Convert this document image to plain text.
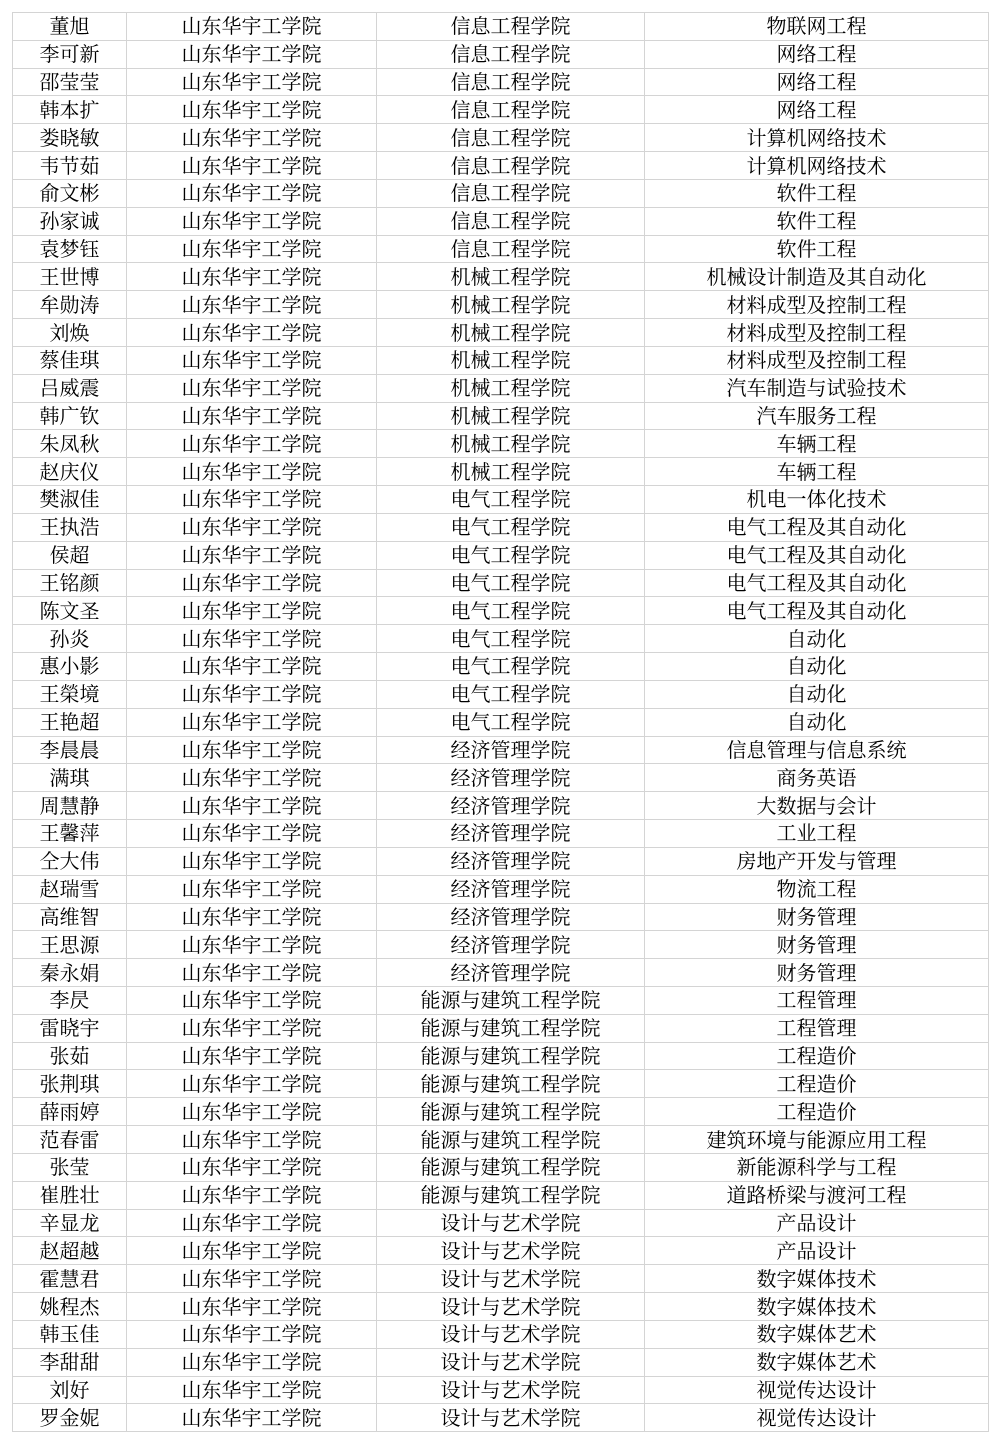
董旭	山东华宇工学院	信息工程学院	物联网工程
李可新	山东华宇工学院	信息工程学院	网络工程
邵莹莹	山东华宇工学院	信息工程学院	网络工程
韩本扩	山东华宇工学院	信息工程学院	网络工程
娄晓敏	山东华宇工学院	信息工程学院	计算机网络技术
韦节茹	山东华宇工学院	信息工程学院	计算机网络技术
俞文彬	山东华宇工学院	信息工程学院	软件工程
孙家诚	山东华宇工学院	信息工程学院	软件工程
袁梦钰	山东华宇工学院	信息工程学院	软件工程
王世博	山东华宇工学院	机械工程学院	机械设计制造及其自动化
牟勋涛	山东华宇工学院	机械工程学院	材料成型及控制工程
刘焕	山东华宇工学院	机械工程学院	材料成型及控制工程
蔡佳琪	山东华宇工学院	机械工程学院	材料成型及控制工程
吕威震	山东华宇工学院	机械工程学院	汽车制造与试验技术
韩广钦	山东华宇工学院	机械工程学院	汽车服务工程
朱凤秋	山东华宇工学院	机械工程学院	车辆工程
赵庆仪	山东华宇工学院	机械工程学院	车辆工程
樊淑佳	山东华宇工学院	电气工程学院	机电一体化技术
王执浩	山东华宇工学院	电气工程学院	电气工程及其自动化
侯超	山东华宇工学院	电气工程学院	电气工程及其自动化
王铭颜	山东华宇工学院	电气工程学院	电气工程及其自动化
陈文圣	山东华宇工学院	电气工程学院	电气工程及其自动化
孙炎	山东华宇工学院	电气工程学院	自动化
惠小影	山东华宇工学院	电气工程学院	自动化
王榮境	山东华宇工学院	电气工程学院	自动化
王艳超	山东华宇工学院	电气工程学院	自动化
李晨晨	山东华宇工学院	经济管理学院	信息管理与信息系统
满琪	山东华宇工学院	经济管理学院	商务英语
周慧静	山东华宇工学院	经济管理学院	大数据与会计
王馨萍	山东华宇工学院	经济管理学院	工业工程
仝大伟	山东华宇工学院	经济管理学院	房地产开发与管理
赵瑞雪	山东华宇工学院	经济管理学院	物流工程
高维智	山东华宇工学院	经济管理学院	财务管理
王思源	山东华宇工学院	经济管理学院	财务管理
秦永娟	山东华宇工学院	经济管理学院	财务管理
李昃	山东华宇工学院	能源与建筑工程学院	工程管理
雷晓宇	山东华宇工学院	能源与建筑工程学院	工程管理
张茹	山东华宇工学院	能源与建筑工程学院	工程造价
张荆琪	山东华宇工学院	能源与建筑工程学院	工程造价
薛雨婷	山东华宇工学院	能源与建筑工程学院	工程造价
范春雷	山东华宇工学院	能源与建筑工程学院	建筑环境与能源应用工程
张莹	山东华宇工学院	能源与建筑工程学院	新能源科学与工程
崔胜壮	山东华宇工学院	能源与建筑工程学院	道路桥梁与渡河工程
辛显龙	山东华宇工学院	设计与艺术学院	产品设计
赵超越	山东华宇工学院	设计与艺术学院	产品设计
霍慧君	山东华宇工学院	设计与艺术学院	数字媒体技术
姚程杰	山东华宇工学院	设计与艺术学院	数字媒体技术
韩玉佳	山东华宇工学院	设计与艺术学院	数字媒体艺术
李甜甜	山东华宇工学院	设计与艺术学院	数字媒体艺术
刘好	山东华宇工学院	设计与艺术学院	视觉传达设计
罗金妮	山东华宇工学院	设计与艺术学院	视觉传达设计
